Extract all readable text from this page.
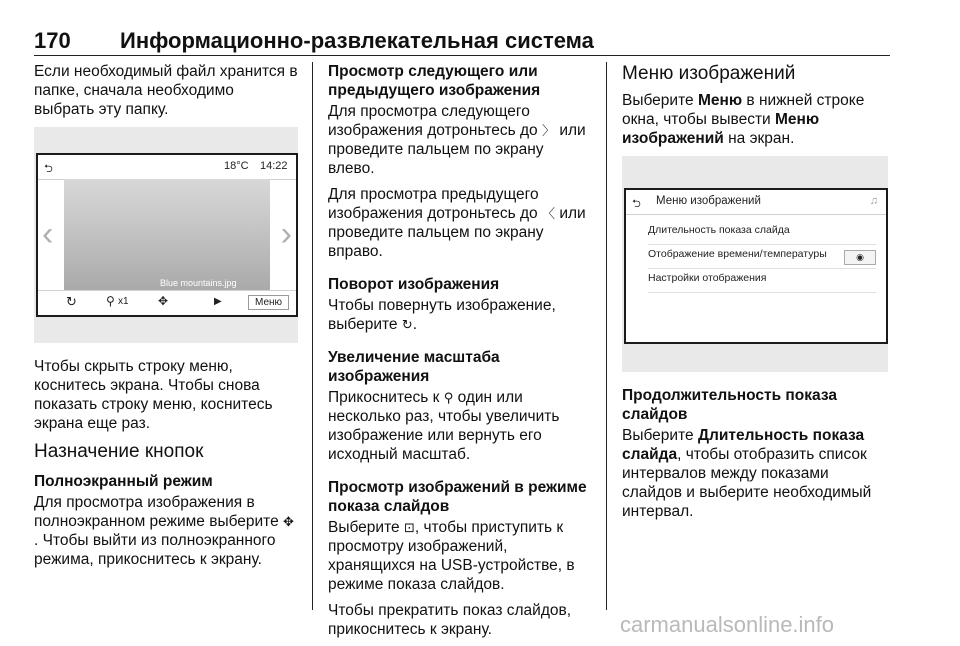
170 Информационно-развлекательная система

Если необходимый файл хранится в папке, сначала необходимо выбрать эту папку.

⮌	18°C 14:22
Blue mountains.jpg
‹	›
↻ ⚲ x1 ✥	▶	Меню

Чтобы скрыть строку меню, коснитесь экрана. Чтобы снова показать строку меню, коснитесь экрана еще раз.

Назначение кнопок
Полноэкранный режим

Для просмотра изображения в полноэкранном режиме выберите ✥. Чтобы выйти из полноэкранного режима, прикоснитесь к экрану.

Просмотр следующего или предыдущего изображения

Для просмотра следующего изображения дотроньтесь до 〉 или проведите пальцем по экрану влево.

Для просмотра предыдущего изображения дотроньтесь до 〈 или проведите пальцем по экрану вправо.

Поворот изображения

Чтобы повернуть изображение, выберите ↻.

Увеличение масштаба изображения

Прикоснитесь к ⚲ один или несколько раз, чтобы увеличить изображение или вернуть его исходный масштаб.

Просмотр изображений в режиме показа слайдов

Выберите ⊡, чтобы приступить к просмотру изображений, хранящихся на USB-устройстве, в режиме показа слайдов.

Чтобы прекратить показ слайдов, прикоснитесь к экрану.

Меню изображений

Выберите Меню в нижней строке окна, чтобы вывести Меню изображений на экран.

⮌ Меню изображений	♫
Длительность показа слайда
Отображение времени/температуры	◉
Настройки отображения
Продолжительность показа слайдов

Выберите Длительность показа слайда, чтобы отобразить список интервалов между показами слайдов и выберите необходимый интервал.

carmanualsonline.info
